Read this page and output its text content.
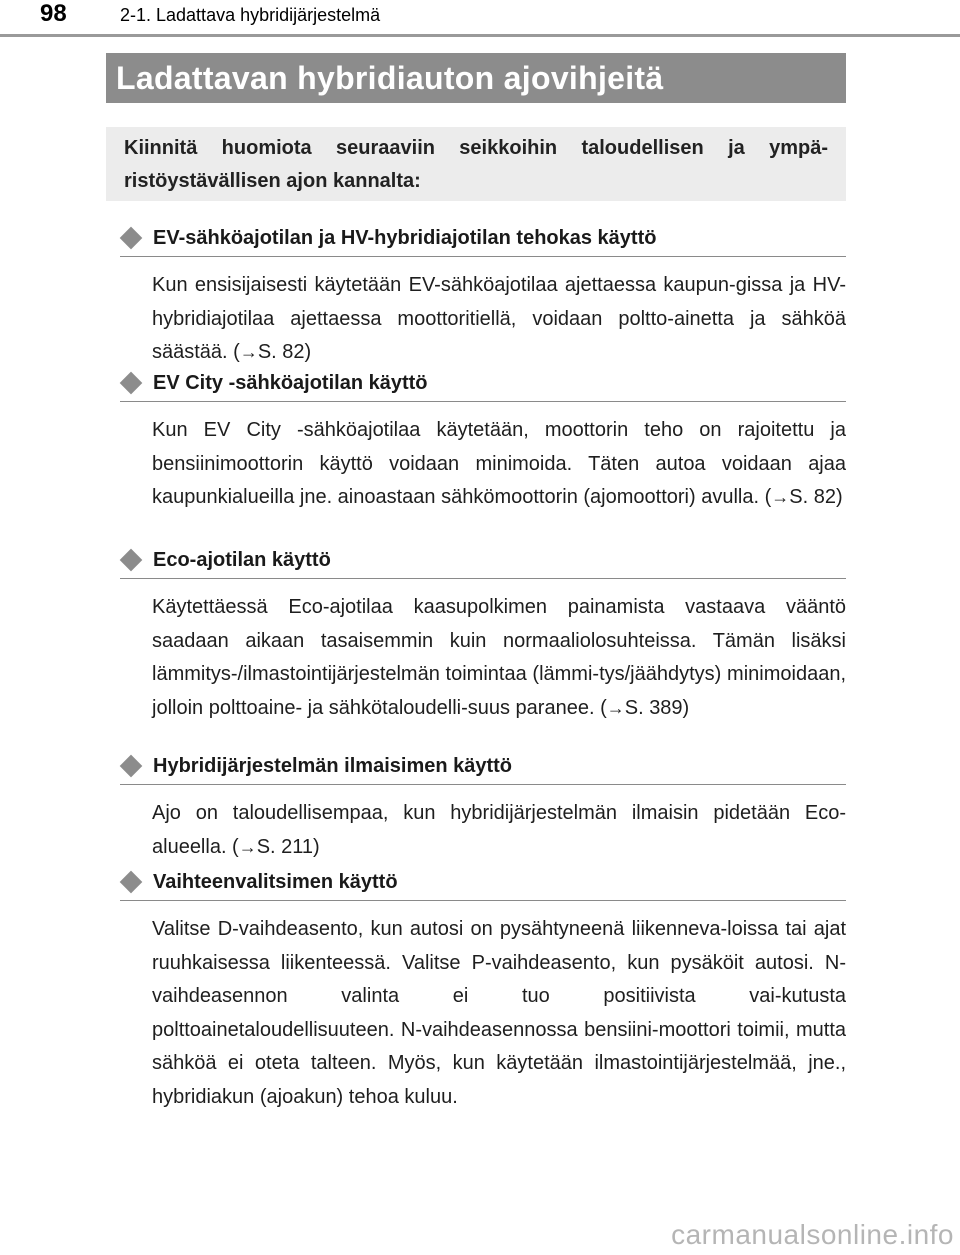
98	2-1. Ladattava hybridijärjestelmä
Ladattavan hybridiauton ajovihjeitä
Kiinnitä huomiota seuraaviin seikkoihin taloudellisen ja ympä-ristöystävällisen ajon kannalta:
EV-sähköajotilan ja HV-hybridiajotilan tehokas käyttö
Kun ensisijaisesti käytetään EV-sähköajotilaa ajettaessa kaupun-gissa ja HV-hybridiajotilaa ajettaessa moottoritiellä, voidaan poltto-ainetta ja sähköä säästää. (→S. 82)
EV City -sähköajotilan käyttö
Kun EV City -sähköajotilaa käytetään, moottorin teho on rajoitettu ja bensiinimoottorin käyttö voidaan minimoida. Täten autoa voidaan ajaa kaupunkialueilla jne. ainoastaan sähkömoottorin (ajomoottori) avulla. (→S. 82)
Eco-ajotilan käyttö
Käytettäessä Eco-ajotilaa kaasupolkimen painamista vastaava vääntö saadaan aikaan tasaisemmin kuin normaaliolosuhteissa. Tämän lisäksi lämmitys-/ilmastointijärjestelmän toimintaa (lämmi-tys/jäähdytys) minimoidaan, jolloin polttoaine- ja sähkötaloudelli-suus paranee. (→S. 389)
Hybridijärjestelmän ilmaisimen käyttö
Ajo on taloudellisempaa, kun hybridijärjestelmän ilmaisin pidetään Eco-alueella. (→S. 211)
Vaihteenvalitsimen käyttö
Valitse D-vaihdeasento, kun autosi on pysähtyneenä liikenneva-loissa tai ajat ruuhkaisessa liikenteessä. Valitse P-vaihdeasento, kun pysäköit autosi. N-vaihdeasennon valinta ei tuo positiivista vai-kutusta polttoainetaloudellisuuteen. N-vaihdeasennossa bensiini-moottori toimii, mutta sähköä ei oteta talteen. Myös, kun käytetään ilmastointijärjestelmää, jne., hybridiakun (ajoakun) tehoa kuluu.
carmanualsonline.info
